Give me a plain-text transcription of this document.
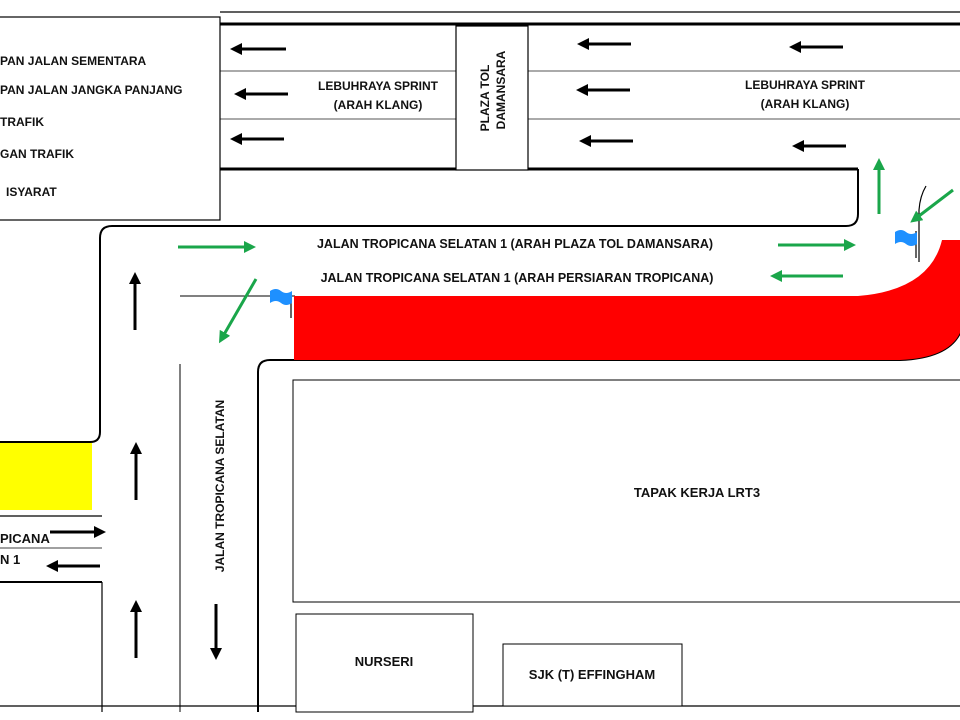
PLAZA TOL DAMANSARA
LEBUHRAYA SPRINT
(ARAH KLANG)
LEBUHRAYA SPRINT
(ARAH KLANG)
PAN JALAN SEMENTARA
PAN JALAN JANGKA PANJANG
TRAFIK
GAN TRAFIK
ISYARAT
JALAN TROPICANA SELATAN 1 (ARAH PLAZA TOL DAMANSARA)
JALAN TROPICANA SELATAN 1 (ARAH PERSIARAN TROPICANA)
JALAN TROPICANA SELATAN
PICANA
N 1
TAPAK KERJA LRT3
NURSERI
SJK (T) EFFINGHAM
